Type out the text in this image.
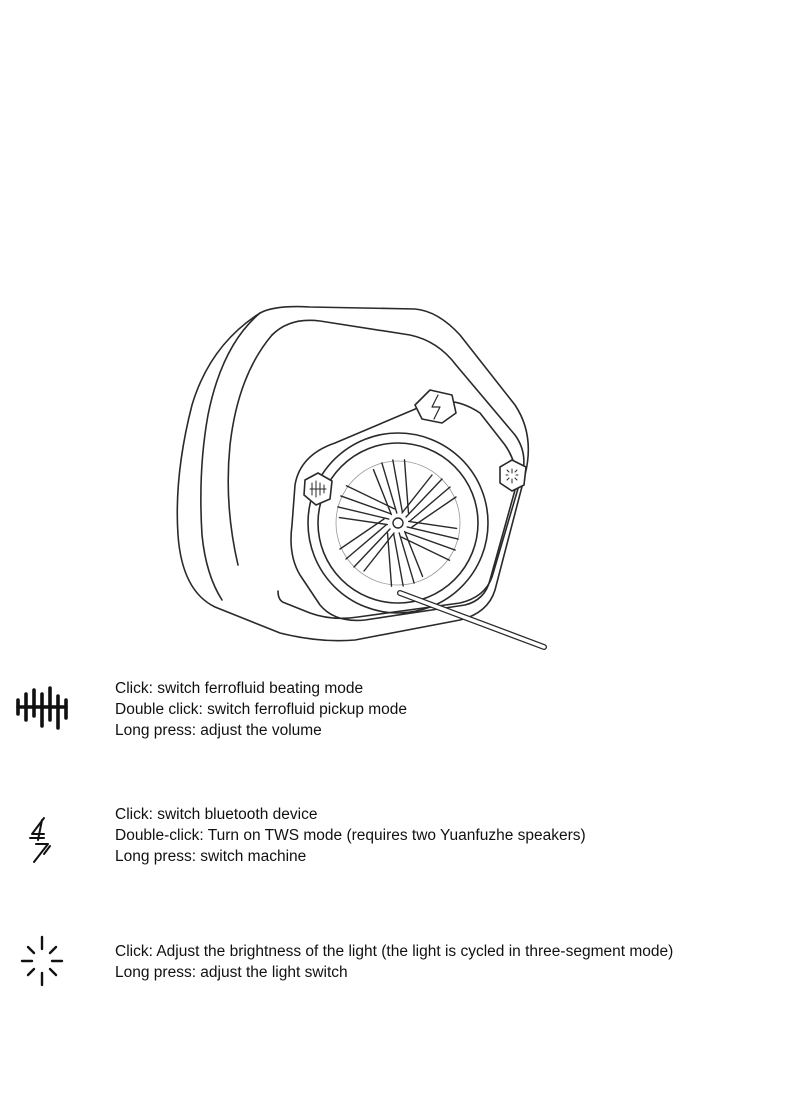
Click: switch ferrofluid beating mode
Double click: switch ferrofluid pickup mode
Long press: adjust the volume
Click: switch bluetooth device
Double-click: Turn on TWS mode (requires two Yuanfuzhe speakers)
Long press: switch machine
Click: Adjust the brightness of the light (the light is cycled in three-segment mode)
Long press: adjust the light switch
